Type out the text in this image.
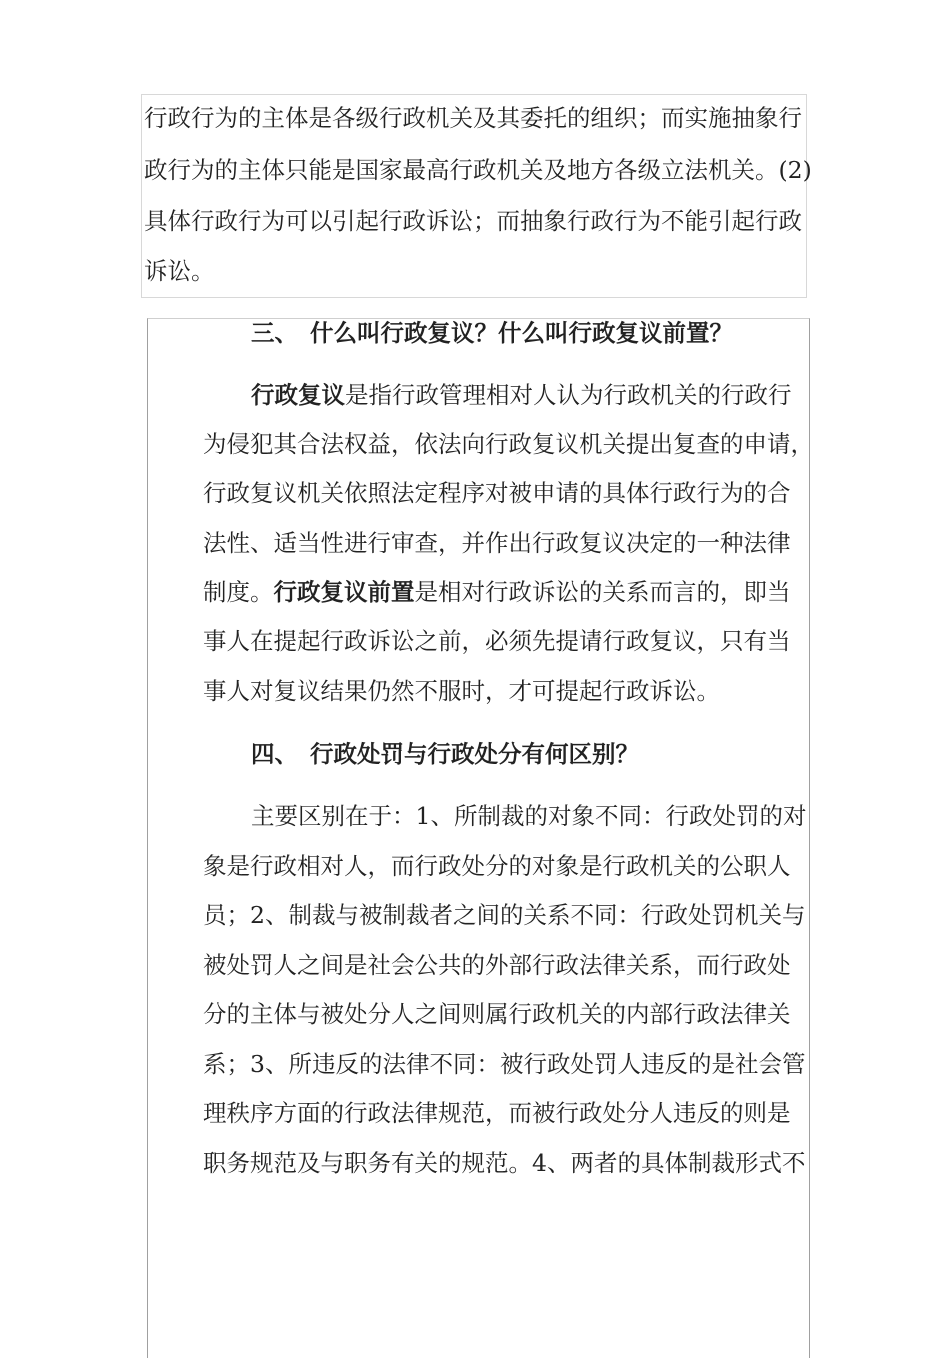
行政行为的主体是各级行政机关及其委托的组织；而实施抽象行
政行为的主体只能是国家最高行政机关及地方各级立法机关。(2)
具体行政行为可以引起行政诉讼；而抽象行政行为不能引起行政
诉讼。
三、 什么叫行政复议？什么叫行政复议前置？
行政复议是指行政管理相对人认为行政机关的行政行
为侵犯其合法权益，依法向行政复议机关提出复查的申请，
行政复议机关依照法定程序对被申请的具体行政行为的合
法性、适当性进行审查，并作出行政复议决定的一种法律
制度。行政复议前置是相对行政诉讼的关系而言的，即当
事人在提起行政诉讼之前，必须先提请行政复议，只有当
事人对复议结果仍然不服时，才可提起行政诉讼。
四、 行政处罚与行政处分有何区别？
主要区别在于：1、所制裁的对象不同：行政处罚的对
象是行政相对人，而行政处分的对象是行政机关的公职人
员；2、制裁与被制裁者之间的关系不同：行政处罚机关与
被处罚人之间是社会公共的外部行政法律关系，而行政处
分的主体与被处分人之间则属行政机关的内部行政法律关
系；3、所违反的法律不同：被行政处罚人违反的是社会管
理秩序方面的行政法律规范，而被行政处分人违反的则是
职务规范及与职务有关的规范。4、两者的具体制裁形式不
